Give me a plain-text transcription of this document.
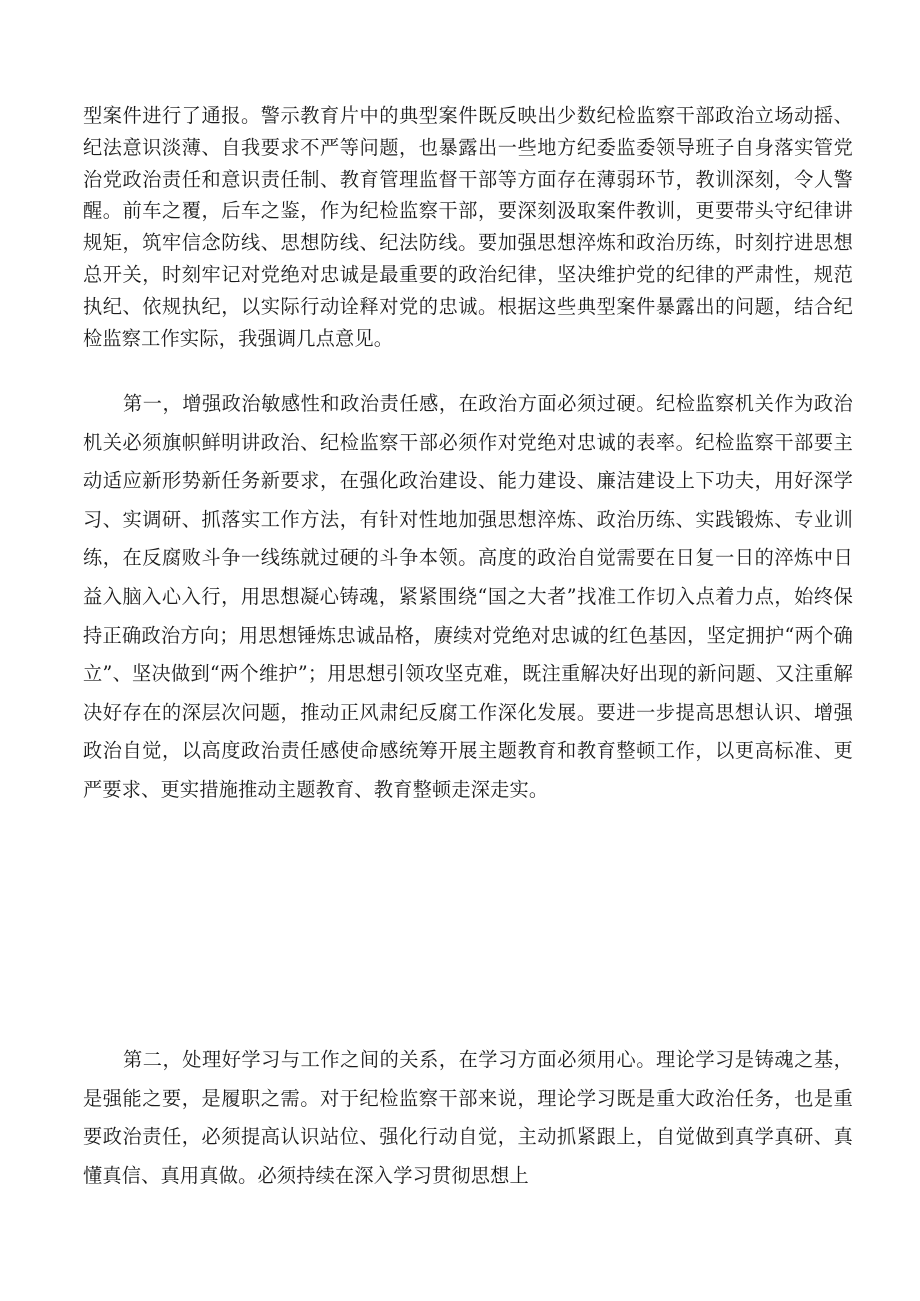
型案件进行了通报。警示教育片中的典型案件既反映出少数纪检监察干部政治立场动摇、纪法意识淡薄、自我要求不严等问题，也暴露出一些地方纪委监委领导班子自身落实管党治党政治责任和意识责任制、教育管理监督干部等方面存在薄弱环节，教训深刻，令人警醒。前车之覆，后车之鉴，作为纪检监察干部，要深刻汲取案件教训，更要带头守纪律讲规矩，筑牢信念防线、思想防线、纪法防线。要加强思想淬炼和政治历练，时刻拧进思想总开关，时刻牢记对党绝对忠诚是最重要的政治纪律，坚决维护党的纪律的严肃性，规范执纪、依规执纪，以实际行动诠释对党的忠诚。根据这些典型案件暴露出的问题，结合纪检监察工作实际，我强调几点意见。

第一，增强政治敏感性和政治责任感，在政治方面必须过硬。纪检监察机关作为政治机关必须旗帜鲜明讲政治、纪检监察干部必须作对党绝对忠诚的表率。纪检监察干部要主动适应新形势新任务新要求，在强化政治建设、能力建设、廉洁建设上下功夫，用好深学习、实调研、抓落实工作方法，有针对性地加强思想淬炼、政治历练、实践锻炼、专业训练，在反腐败斗争一线练就过硬的斗争本领。高度的政治自觉需要在日复一日的淬炼中日益入脑入心入行，用思想凝心铸魂，紧紧围绕“国之大者”找准工作切入点着力点，始终保持正确政治方向；用思想锤炼忠诚品格，赓续对党绝对忠诚的红色基因，坚定拥护“两个确立”、坚决做到“两个维护”；用思想引领攻坚克难，既注重解决好出现的新问题、又注重解决好存在的深层次问题，推动正风肃纪反腐工作深化发展。要进一步提高思想认识、增强政治自觉，以高度政治责任感使命感统筹开展主题教育和教育整顿工作，以更高标准、更严要求、更实措施推动主题教育、教育整顿走深走实。

第二，处理好学习与工作之间的关系，在学习方面必须用心。理论学习是铸魂之基，是强能之要，是履职之需。对于纪检监察干部来说，理论学习既是重大政治任务，也是重要政治责任，必须提高认识站位、强化行动自觉，主动抓紧跟上，自觉做到真学真研、真懂真信、真用真做。必须持续在深入学习贯彻思想上
